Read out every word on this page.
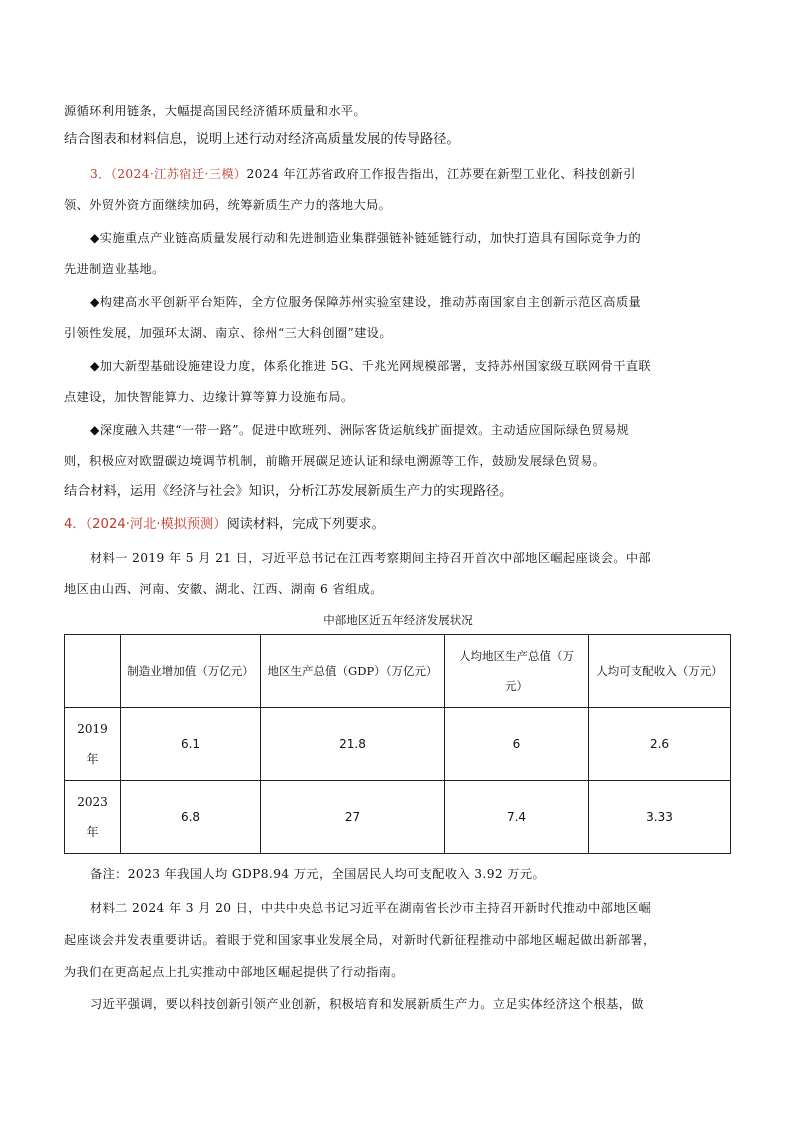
源循环利用链条，大幅提高国民经济循环质量和水平。
结合图表和材料信息，说明上述行动对经济高质量发展的传导路径。
3．（2024·江苏宿迁·三模）2024 年江苏省政府工作报告指出，江苏要在新型工业化、科技创新引
领、外贸外资方面继续加码，统筹新质生产力的落地大局。
◆实施重点产业链高质量发展行动和先进制造业集群强链补链延链行动，加快打造具有国际竞争力的
先进制造业基地。
◆构建高水平创新平台矩阵，全方位服务保障苏州实验室建设，推动苏南国家自主创新示范区高质量
引领性发展，加强环太湖、南京、徐州“三大科创圈”建设。
◆加大新型基础设施建设力度，体系化推进 5G、千兆光网规模部署，支持苏州国家级互联网骨干直联
点建设，加快智能算力、边缘计算等算力设施布局。
◆深度融入共建“一带一路”。促进中欧班列、洲际客货运航线扩面提效。主动适应国际绿色贸易规
则，积极应对欧盟碳边境调节机制，前瞻开展碳足迹认证和绿电溯源等工作，鼓励发展绿色贸易。
结合材料，运用《经济与社会》知识，分析江苏发展新质生产力的实现路径。
4．（2024·河北·模拟预测）阅读材料，完成下列要求。
材料一 2019 年 5 月 21 日，习近平总书记在江西考察期间主持召开首次中部地区崛起座谈会。中部
地区由山西、河南、安徽、湖北、江西、湖南 6 省组成。
中部地区近五年经济发展状况
	制造业增加值（万亿元）	地区生产总值（GDP）（万亿元）	人均地区生产总值（万元）	人均可支配收入（万元）
2019 年	6.1	21.8	6	2.6
2023 年	6.8	27	7.4	3.33
备注：2023 年我国人均 GDP8.94 万元，全国居民人均可支配收入 3.92 万元。
材料二 2024 年 3 月 20 日，中共中央总书记习近平在湖南省长沙市主持召开新时代推动中部地区崛
起座谈会并发表重要讲话。着眼于党和国家事业发展全局，对新时代新征程推动中部地区崛起做出新部署，
为我们在更高起点上扎实推动中部地区崛起提供了行动指南。
习近平强调，要以科技创新引领产业创新，积极培育和发展新质生产力。立足实体经济这个根基，做
